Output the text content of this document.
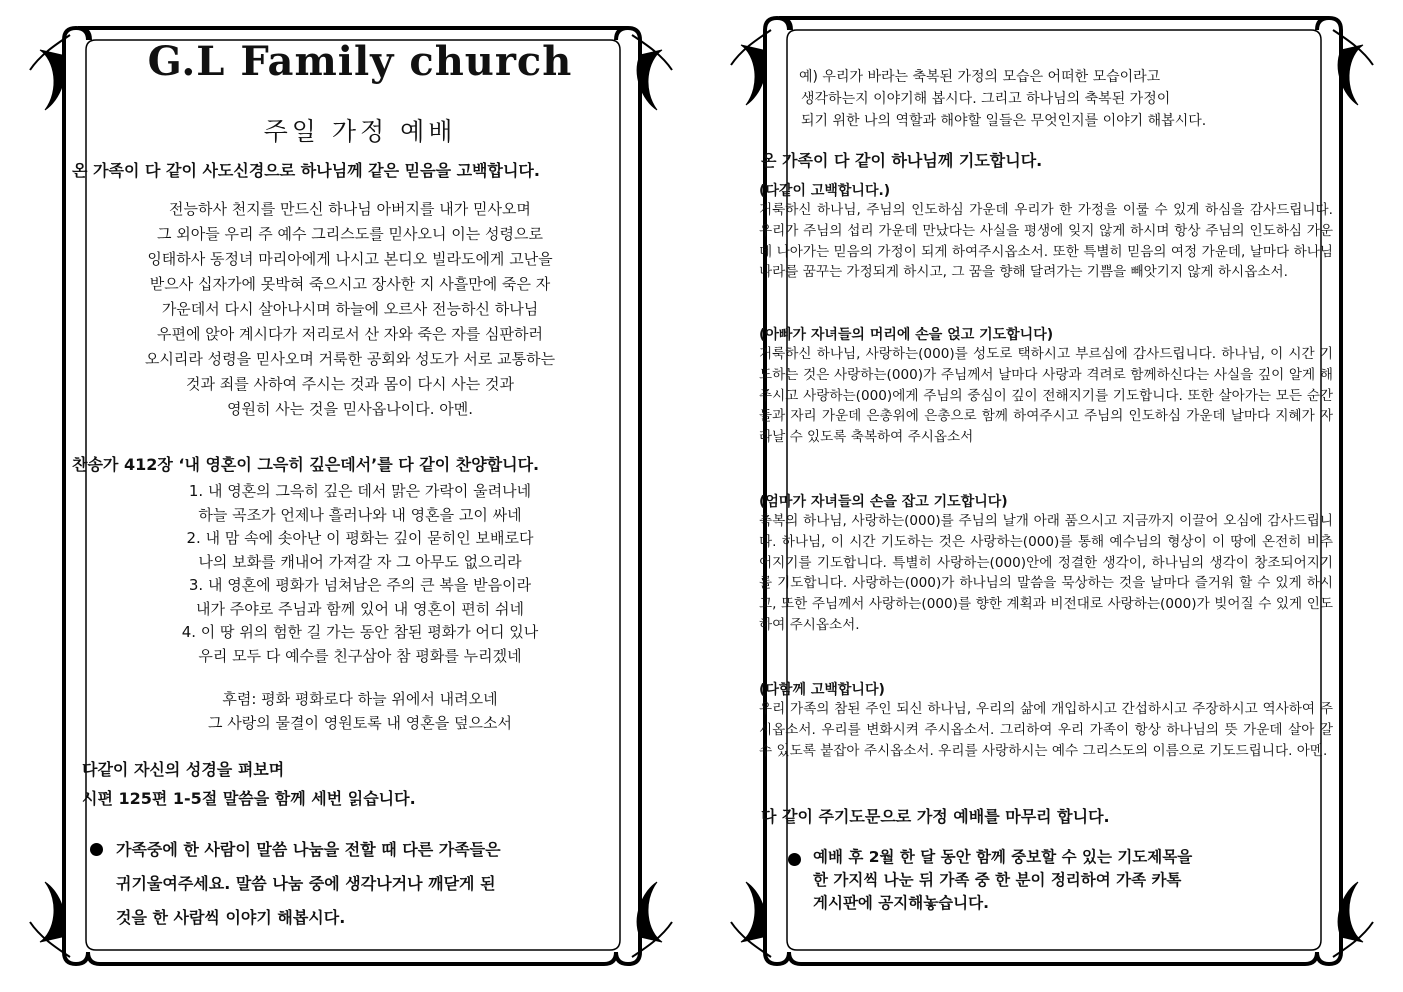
G.L Family church
주일 가정 예배
온 가족이 다 같이 사도신경으로 하나님께 같은 믿음을 고백합니다.
전능하사 천지를 만드신 하나님 아버지를 내가 믿사오며
그 외아들 우리 주 예수 그리스도를 믿사오니 이는 성령으로
잉태하사 동정녀 마리아에게 나시고 본디오 빌라도에게 고난을
받으사 십자가에 못박혀 죽으시고 장사한 지 사흘만에 죽은 자
가운데서 다시 살아나시며 하늘에 오르사 전능하신 하나님
우편에 앉아 계시다가 저리로서 산 자와 죽은 자를 심판하러
오시리라 성령을 믿사오며 거룩한 공회와 성도가 서로 교통하는
것과 죄를 사하여 주시는 것과 몸이 다시 사는 것과
영원히 사는 것을 믿사옵나이다. 아멘.
찬송가 412장 ‘내 영혼이 그윽히 깊은데서’를 다 같이 찬양합니다.
1. 내 영혼의 그윽히 깊은 데서 맑은 가락이 울려나네
하늘 곡조가 언제나 흘러나와 내 영혼을 고이 싸네
2. 내 맘 속에 솟아난 이 평화는 깊이 묻히인 보배로다
나의 보화를 캐내어 가져갈 자 그 아무도 없으리라
3. 내 영혼에 평화가 넘쳐남은 주의 큰 복을 받음이라
내가 주야로 주님과 함께 있어 내 영혼이 편히 쉬네
4. 이 땅 위의 험한 길 가는 동안 참된 평화가 어디 있나
우리 모두 다 예수를 친구삼아 참 평화를 누리겠네
후렴: 평화 평화로다 하늘 위에서 내려오네
그 사랑의 물결이 영원토록 내 영혼을 덮으소서
다같이 자신의 성경을 펴보며
시편 125편 1-5절 말씀을 함께 세번 읽습니다.
가족중에 한 사람이 말씀 나눔을 전할 때 다른 가족들은
귀기울여주세요. 말씀 나눔 중에 생각나거나 깨닫게 된
것을 한 사람씩 이야기 해봅시다.
예) 우리가 바라는 축복된 가정의 모습은 어떠한 모습이라고
생각하는지 이야기해 봅시다. 그리고 하나님의 축복된 가정이
되기 위한 나의 역할과 해야할 일들은 무엇인지를 이야기 해봅시다.
온 가족이 다 같이 하나님께 기도합니다.
(다같이 고백합니다.)
거룩하신 하나님, 주님의 인도하심 가운데 우리가 한 가정을 이룰 수 있게 하심을 감사드립니다. 우리가 주님의 섭리 가운데 만났다는 사실을 평생에 잊지 않게 하시며 항상 주님의 인도하심 가운데 나아가는 믿음의 가정이 되게 하여주시옵소서. 또한 특별히 믿음의 여정 가운데, 날마다 하나님 나라를 꿈꾸는 가정되게 하시고, 그 꿈을 향해 달려가는 기쁨을 빼앗기지 않게 하시옵소서.
(아빠가 자녀들의 머리에 손을 얹고 기도합니다)
거룩하신 하나님, 사랑하는(000)를 성도로 택하시고 부르심에 감사드립니다. 하나님, 이 시간 기도하는 것은 사랑하는(000)가 주님께서 날마다 사랑과 격려로 함께하신다는 사실을 깊이 알게 해 주시고 사랑하는(000)에게 주님의 중심이 깊이 전해지기를 기도합니다. 또한 살아가는 모든 순간들과 자리 가운데 은총위에 은총으로 함께 하여주시고 주님의 인도하심 가운데 날마다 지혜가 자라날 수 있도록 축복하여 주시옵소서
(엄마가 자녀들의 손을 잡고 기도합니다)
축복의 하나님, 사랑하는(000)를 주님의 날개 아래 품으시고 지금까지 이끌어 오심에 감사드립니다. 하나님, 이 시간 기도하는 것은 사랑하는(000)를 통해 예수님의 형상이 이 땅에 온전히 비추어지기를 기도합니다. 특별히 사랑하는(000)안에 정결한 생각이, 하나님의 생각이 창조되어지기를 기도합니다. 사랑하는(000)가 하나님의 말씀을 묵상하는 것을 날마다 즐거워 할 수 있게 하시고, 또한 주님께서 사랑하는(000)를 향한 계획과 비전대로 사랑하는(000)가 빚어질 수 있게 인도하여 주시옵소서.
(다함께 고백합니다)
우리 가족의 참된 주인 되신 하나님, 우리의 삶에 개입하시고 간섭하시고 주장하시고 역사하여 주시옵소서. 우리를 변화시켜 주시옵소서. 그리하여 우리 가족이 항상 하나님의 뜻 가운데 살아 갈 수 있도록 붙잡아 주시옵소서. 우리를 사랑하시는 예수 그리스도의 이름으로 기도드립니다. 아멘.
다 같이 주기도문으로 가정 예배를 마무리 합니다.
예배 후 2월 한 달 동안 함께 중보할 수 있는 기도제목을
한 가지씩 나눈 뒤 가족 중 한 분이 정리하여 가족 카톡
게시판에 공지해놓습니다.
